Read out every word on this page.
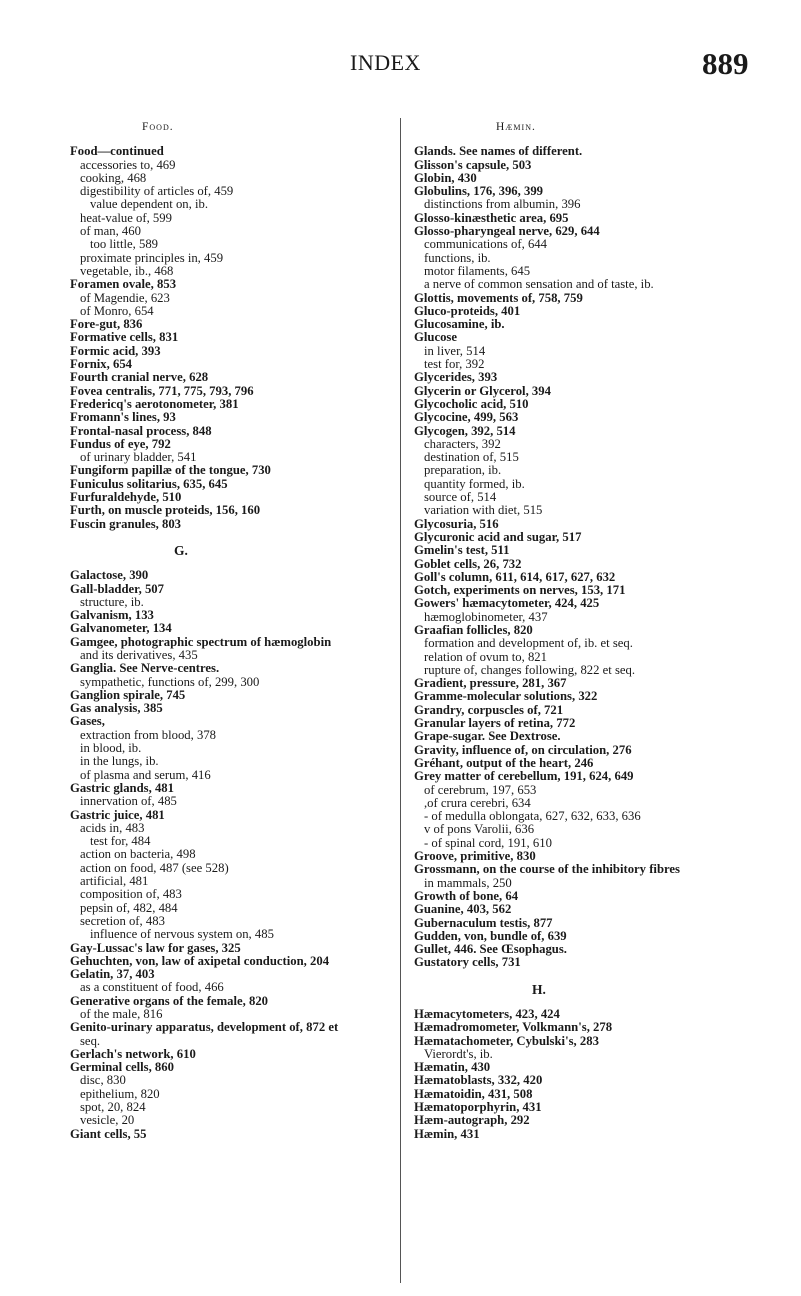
INDEX	889
Food.
Food—continued
accessories to, 469
cooking, 468
digestibility of articles of, 459
value dependent on, ib.
heat-value of, 599
of man, 460
too little, 589
proximate principles in, 459
vegetable, ib., 468
Foramen ovale, 853
of Magendie, 623
of Monro, 654
Fore-gut, 836
Formative cells, 831
Formic acid, 393
Fornix, 654
Fourth cranial nerve, 628
Fovea centralis, 771, 775, 793, 796
Fredericq's aerotonometer, 381
Fromann's lines, 93
Frontal-nasal process, 848
Fundus of eye, 792
of urinary bladder, 541
Fungiform papillæ of the tongue, 730
Funiculus solitarius, 635, 645
Furfuraldehyde, 510
Furth, on muscle proteids, 156, 160
Fuscin granules, 803
G.
Galactose, 390
Gall-bladder, 507
structure, ib.
Galvanism, 133
Galvanometer, 134
Gamgee, photographic spectrum of hæmoglobin
and its derivatives, 435
Ganglia. See Nerve-centres.
sympathetic, functions of, 299, 300
Ganglion spirale, 745
Gas analysis, 385
Gases,
extraction from blood, 378
in blood, ib.
in the lungs, ib.
of plasma and serum, 416
Gastric glands, 481
innervation of, 485
Gastric juice, 481
acids in, 483
test for, 484
action on bacteria, 498
action on food, 487 (see 528)
artificial, 481
composition of, 483
pepsin of, 482, 484
secretion of, 483
influence of nervous system on, 485
Gay-Lussac's law for gases, 325
Gehuchten, von, law of axipetal conduction, 204
Gelatin, 37, 403
as a constituent of food, 466
Generative organs of the female, 820
of the male, 816
Genito-urinary apparatus, development of, 872 et
seq.
Gerlach's network, 610
Germinal cells, 860
disc, 830
epithelium, 820
spot, 20, 824
vesicle, 20
Giant cells, 55
Hæmin.
Glands. See names of different.
Glisson's capsule, 503
Globin, 430
Globulins, 176, 396, 399
distinctions from albumin, 396
Glosso-kinæsthetic area, 695
Glosso-pharyngeal nerve, 629, 644
communications of, 644
functions, ib.
motor filaments, 645
a nerve of common sensation and of taste, ib.
Glottis, movements of, 758, 759
Gluco-proteids, 401
Glucosamine, ib.
Glucose
in liver, 514
test for, 392
Glycerides, 393
Glycerin or Glycerol, 394
Glycocholic acid, 510
Glycocine, 499, 563
Glycogen, 392, 514
characters, 392
destination of, 515
preparation, ib.
quantity formed, ib.
source of, 514
variation with diet, 515
Glycosuria, 516
Glycuronic acid and sugar, 517
Gmelin's test, 511
Goblet cells, 26, 732
Goll's column, 611, 614, 617, 627, 632
Gotch, experiments on nerves, 153, 171
Gowers' hæmacytometer, 424, 425
hæmoglobinometer, 437
Graafian follicles, 820
formation and development of, ib. et seq.
relation of ovum to, 821
rupture of, changes following, 822 et seq.
Gradient, pressure, 281, 367
Gramme-molecular solutions, 322
Grandry, corpuscles of, 721
Granular layers of retina, 772
Grape-sugar. See Dextrose.
Gravity, influence of, on circulation, 276
Gréhant, output of the heart, 246
Grey matter of cerebellum, 191, 624, 649
of cerebrum, 197, 653
,of crura cerebri, 634
- of medulla oblongata, 627, 632, 633, 636
v of pons Varolii, 636
- of spinal cord, 191, 610
Groove, primitive, 830
Grossmann, on the course of the inhibitory fibres
in mammals, 250
Growth of bone, 64
Guanine, 403, 562
Gubernaculum testis, 877
Gudden, von, bundle of, 639
Gullet, 446. See Œsophagus.
Gustatory cells, 731
H.
Hæmacytometers, 423, 424
Hæmadromometer, Volkmann's, 278
Hæmatachometer, Cybulski's, 283
Vierordt's, ib.
Hæmatin, 430
Hæmatoblasts, 332, 420
Hæmatoidin, 431, 508
Hæmatoporphyrin, 431
Hæm-autograph, 292
Hæmin, 431
